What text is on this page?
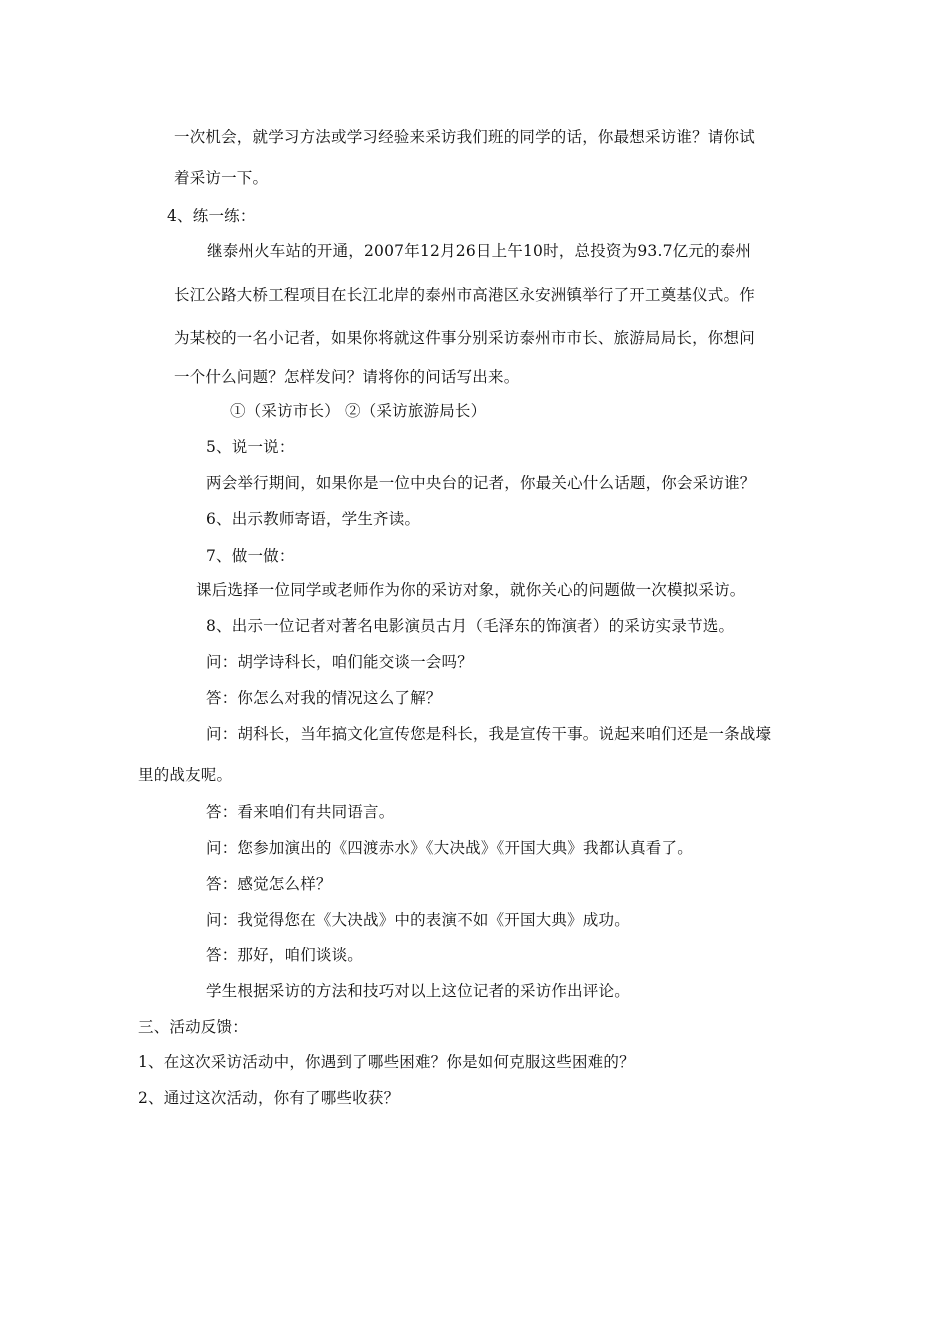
一次机会，就学习方法或学习经验来采访我们班的同学的话，你最想采访谁？请你试
着采访一下。
4、练一练：
继泰州火车站的开通，2007年12月26日上午10时，总投资为93.7亿元的泰州
长江公路大桥工程项目在长江北岸的泰州市高港区永安洲镇举行了开工奠基仪式。作
为某校的一名小记者，如果你将就这件事分别采访泰州市市长、旅游局局长，你想问
一个什么问题？怎样发问？请将你的问话写出来。
①（采访市长） ②（采访旅游局长）
5、说一说：
两会举行期间，如果你是一位中央台的记者，你最关心什么话题，你会采访谁？
6、出示教师寄语，学生齐读。
7、做一做：
课后选择一位同学或老师作为你的采访对象，就你关心的问题做一次模拟采访。
8、出示一位记者对著名电影演员古月（毛泽东的饰演者）的采访实录节选。
问：胡学诗科长，咱们能交谈一会吗？
答：你怎么对我的情况这么了解？
问：胡科长，当年搞文化宣传您是科长，我是宣传干事。说起来咱们还是一条战壕
里的战友呢。
答：看来咱们有共同语言。
问：您参加演出的《四渡赤水》《大决战》《开国大典》我都认真看了。
答：感觉怎么样？
问：我觉得您在《大决战》中的表演不如《开国大典》成功。
答：那好，咱们谈谈。
学生根据采访的方法和技巧对以上这位记者的采访作出评论。
三、活动反馈：
1、在这次采访活动中，你遇到了哪些困难？你是如何克服这些困难的？
2、通过这次活动，你有了哪些收获？
